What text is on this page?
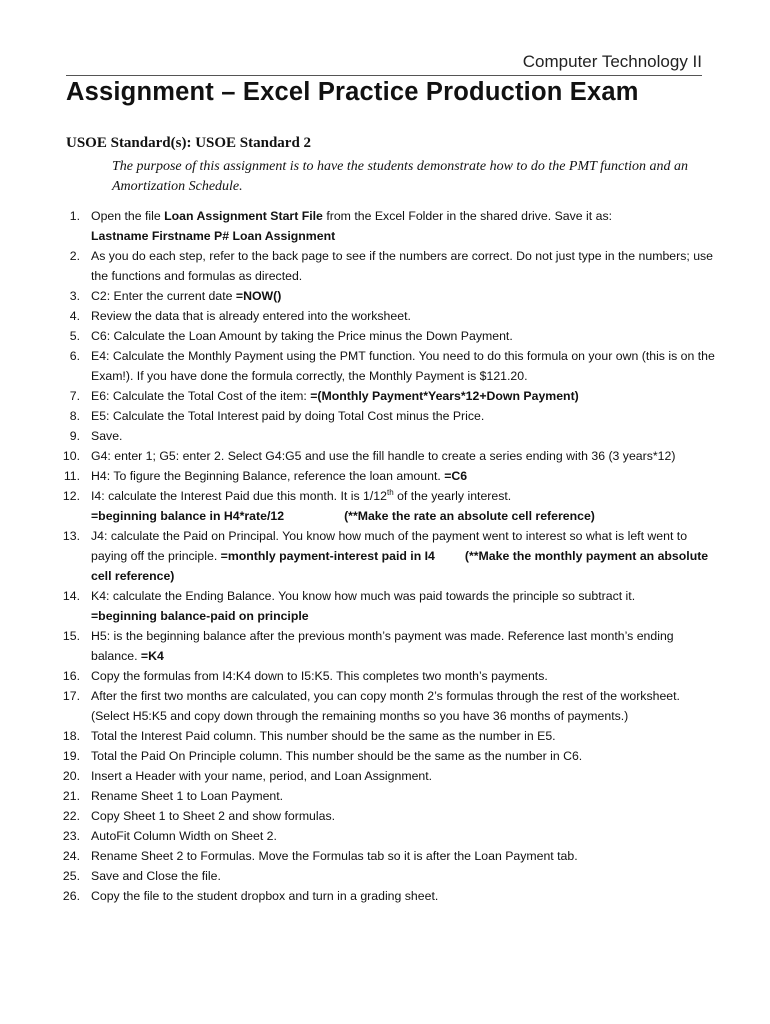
Computer Technology II
Assignment – Excel Practice Production Exam
USOE Standard(s): USOE Standard 2
The purpose of this assignment is to have the students demonstrate how to do the PMT function and an Amortization Schedule.
1. Open the file Loan Assignment Start File from the Excel Folder in the shared drive. Save it as:
Lastname Firstname P# Loan Assignment
2. As you do each step, refer to the back page to see if the numbers are correct. Do not just type in the numbers; use the functions and formulas as directed.
3. C2: Enter the current date =NOW()
4. Review the data that is already entered into the worksheet.
5. C6: Calculate the Loan Amount by taking the Price minus the Down Payment.
6. E4: Calculate the Monthly Payment using the PMT function. You need to do this formula on your own (this is on the Exam!). If you have done the formula correctly, the Monthly Payment is $121.20.
7. E6: Calculate the Total Cost of the item: =(Monthly Payment*Years*12+Down Payment)
8. E5: Calculate the Total Interest paid by doing Total Cost minus the Price.
9. Save.
10. G4: enter 1; G5: enter 2. Select G4:G5 and use the fill handle to create a series ending with 36 (3 years*12)
11. H4: To figure the Beginning Balance, reference the loan amount. =C6
12. I4: calculate the Interest Paid due this month. It is 1/12th of the yearly interest.
=beginning balance in H4*rate/12	(**Make the rate an absolute cell reference)
13. J4: calculate the Paid on Principal. You know how much of the payment went to interest so what is left went to paying off the principle. =monthly payment-interest paid in I4 (**Make the monthly payment an absolute cell reference)
14. K4: calculate the Ending Balance. You know how much was paid towards the principle so subtract it.
=beginning balance-paid on principle
15. H5: is the beginning balance after the previous month’s payment was made. Reference last month’s ending balance. =K4
16. Copy the formulas from I4:K4 down to I5:K5. This completes two month’s payments.
17. After the first two months are calculated, you can copy month 2’s formulas through the rest of the worksheet. (Select H5:K5 and copy down through the remaining months so you have 36 months of payments.)
18. Total the Interest Paid column. This number should be the same as the number in E5.
19. Total the Paid On Principle column. This number should be the same as the number in C6.
20. Insert a Header with your name, period, and Loan Assignment.
21. Rename Sheet 1 to Loan Payment.
22. Copy Sheet 1 to Sheet 2 and show formulas.
23. AutoFit Column Width on Sheet 2.
24. Rename Sheet 2 to Formulas. Move the Formulas tab so it is after the Loan Payment tab.
25. Save and Close the file.
26. Copy the file to the student dropbox and turn in a grading sheet.
